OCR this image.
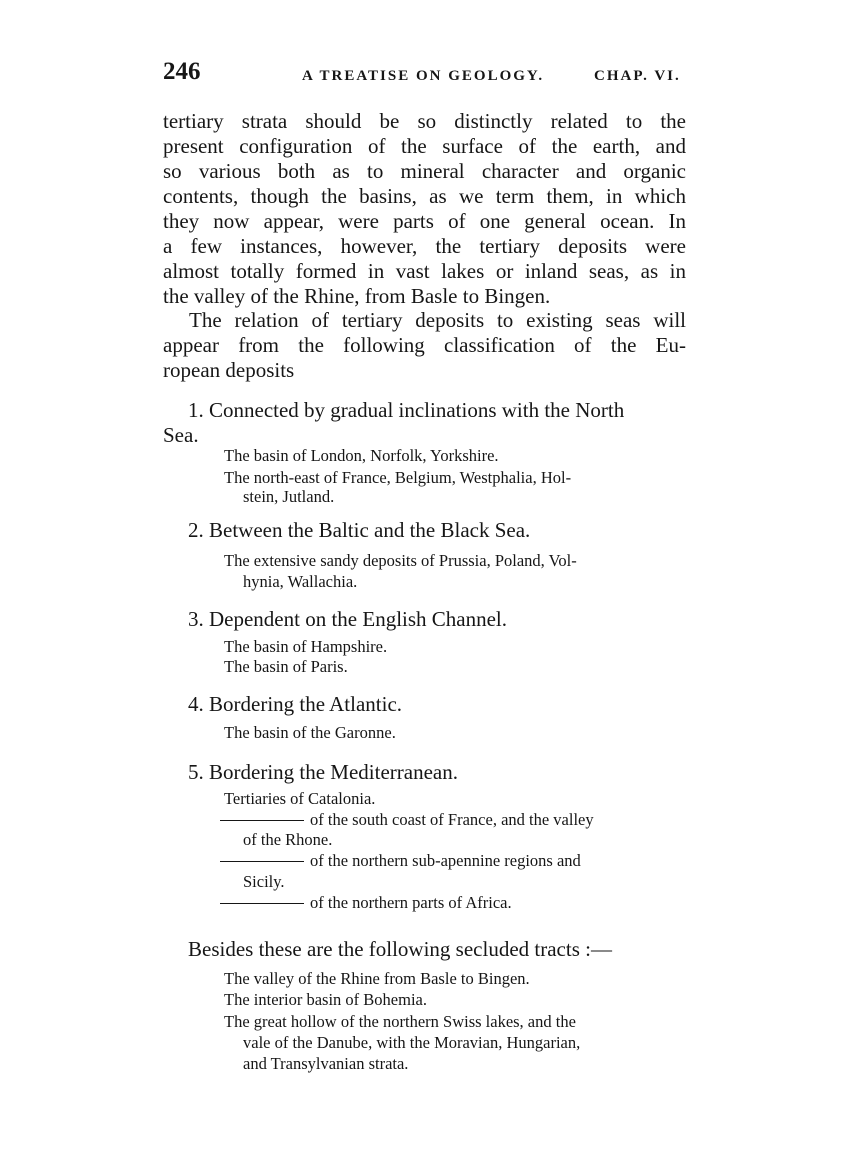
246	A TREATISE ON GEOLOGY.	CHAP. VI.
tertiary strata should be so distinctly related to the
present configuration of the surface of the earth, and
so various both as to mineral character and organic
contents, though the basins, as we term them, in which
they now appear, were parts of one general ocean. In
a few instances, however, the tertiary deposits were
almost totally formed in vast lakes or inland seas, as in
the valley of the Rhine, from Basle to Bingen.
The relation of tertiary deposits to existing seas will
appear from the following classification of the Eu-
ropean deposits
1. Connected by gradual inclinations with the North
Sea.
The basin of London, Norfolk, Yorkshire.
The north-east of France, Belgium, Westphalia, Hol-
stein, Jutland.
2. Between the Baltic and the Black Sea.
The extensive sandy deposits of Prussia, Poland, Vol-
hynia, Wallachia.
3. Dependent on the English Channel.
The basin of Hampshire.
The basin of Paris.
4. Bordering the Atlantic.
The basin of the Garonne.
5. Bordering the Mediterranean.
Tertiaries of Catalonia.
of the south coast of France, and the valley
of the Rhone.
of the northern sub-apennine regions and
Sicily.
of the northern parts of Africa.
Besides these are the following secluded tracts :—
The valley of the Rhine from Basle to Bingen.
The interior basin of Bohemia.
The great hollow of the northern Swiss lakes, and the
vale of the Danube, with the Moravian, Hungarian,
and Transylvanian strata.
